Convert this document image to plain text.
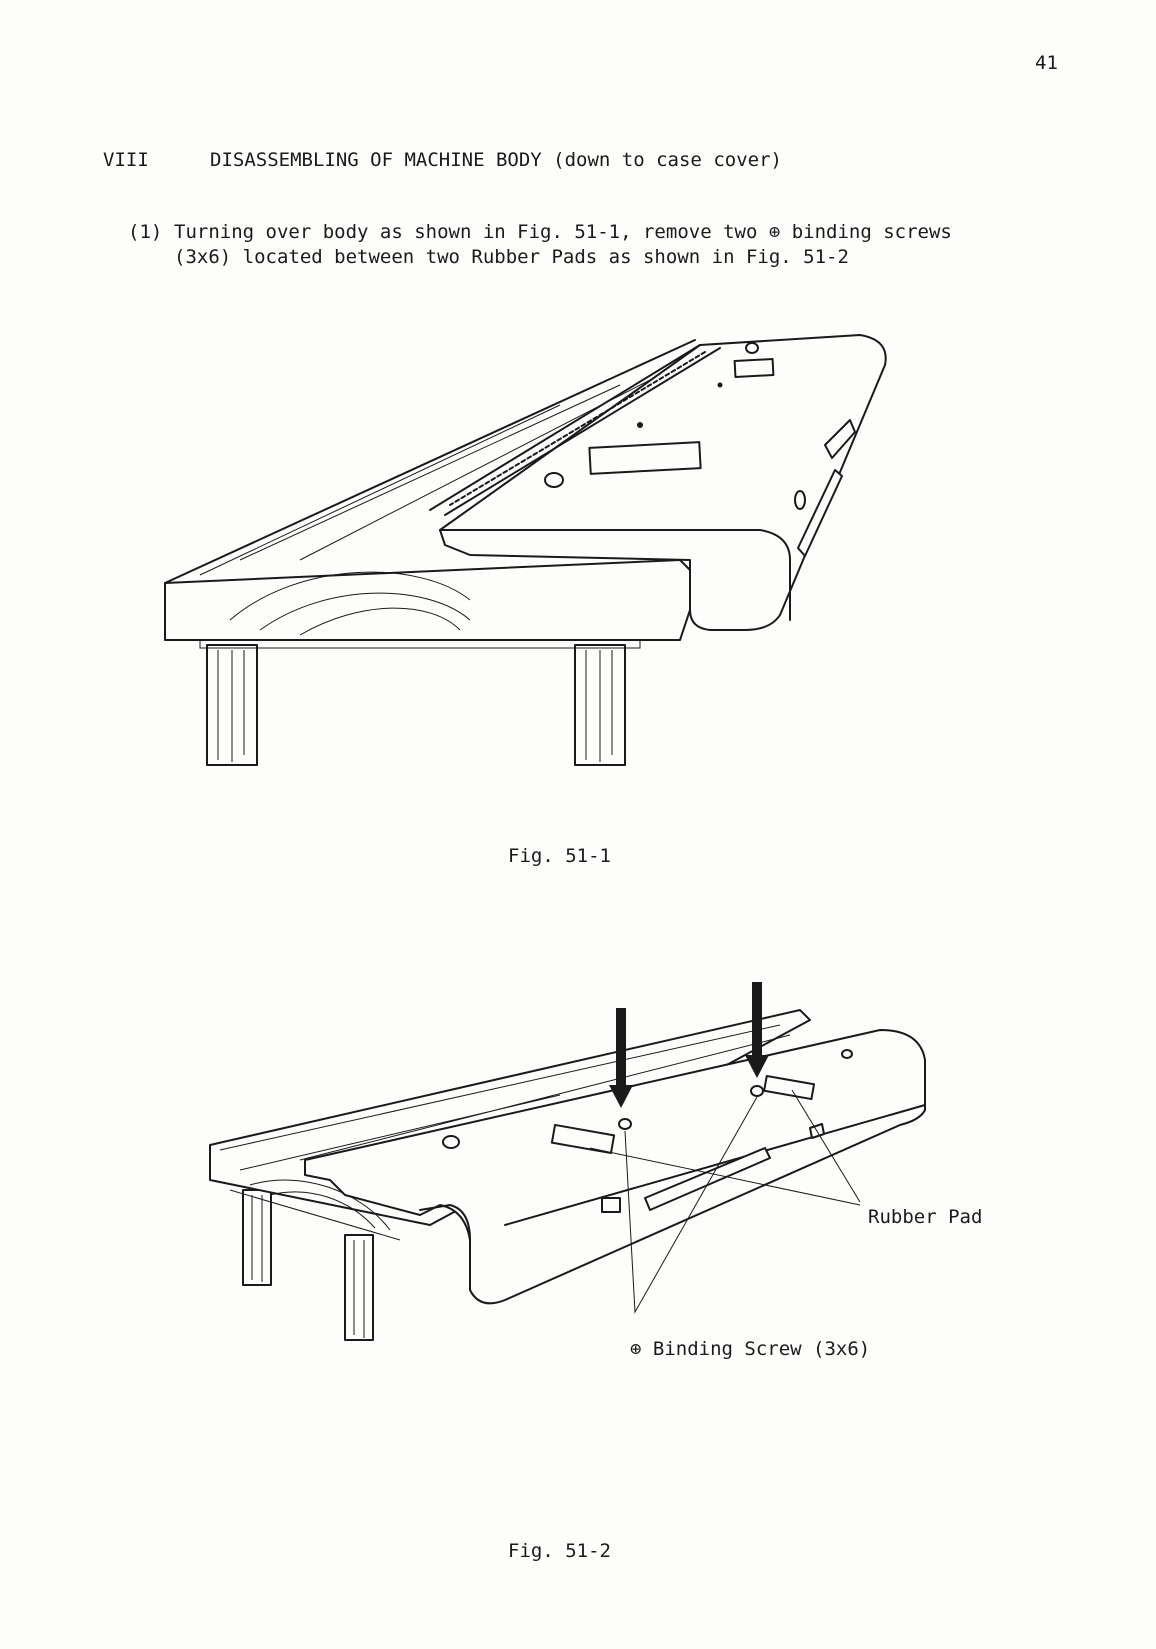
41
VIII	DISASSEMBLING OF MACHINE BODY (down to case cover)
(1) Turning over body as shown in Fig. 51-1, remove two ⊕ binding screws
(3x6) located between two Rubber Pads as shown in Fig. 51-2
Fig. 51-1
Rubber Pad
⊕ Binding Screw (3x6)
Fig. 51-2
